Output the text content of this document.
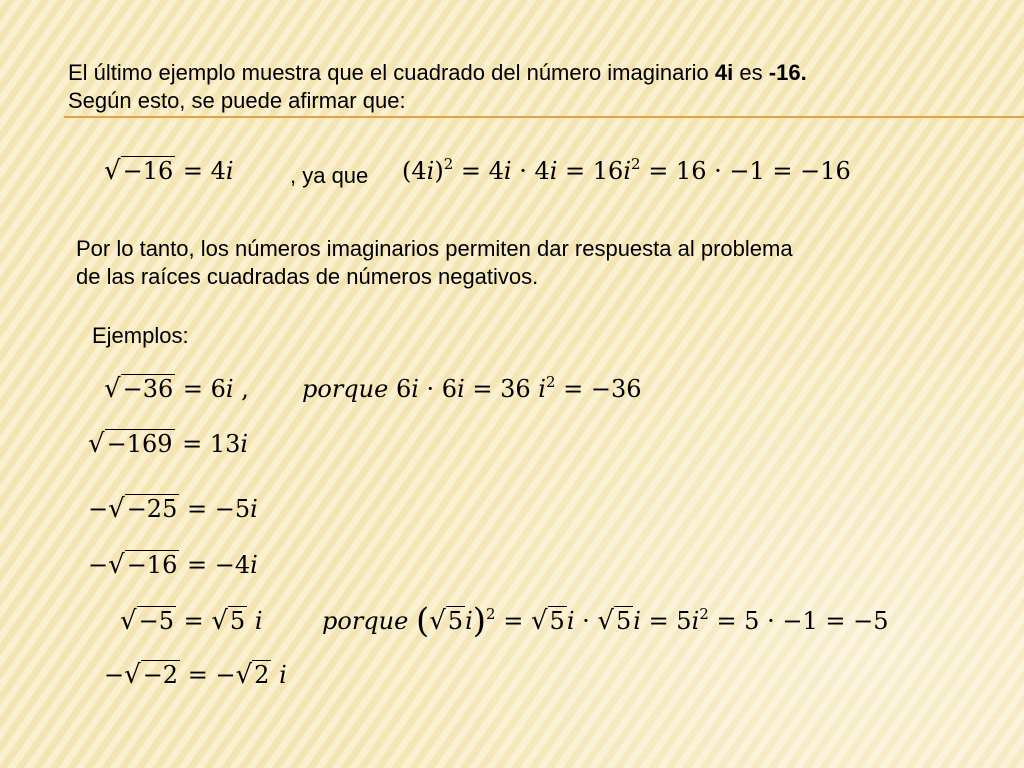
El último ejemplo muestra que el cuadrado del número imaginario 4i es -16.
Según esto, se puede afirmar que:
√−16 = 4i	, ya que $(4i)^2 = 4i \cdot 4i = 16i^2 = 16 \cdot -1 = -16$
Por lo tanto, los números imaginarios permiten dar respuesta al problema
de las raíces cuadradas de números negativos.
Ejemplos:
√−36 = 6i , porque 6i · 6i = 36 $i^2 = -36$
√−169 = 13i
−√−25 = −5i
−√−16 = −4i
√−5 = √5 i porque $(√5i)^2 = √5i \cdot √5i = 5i^2 = 5 \cdot -1 = -5$
−√−2 = −√2 i
